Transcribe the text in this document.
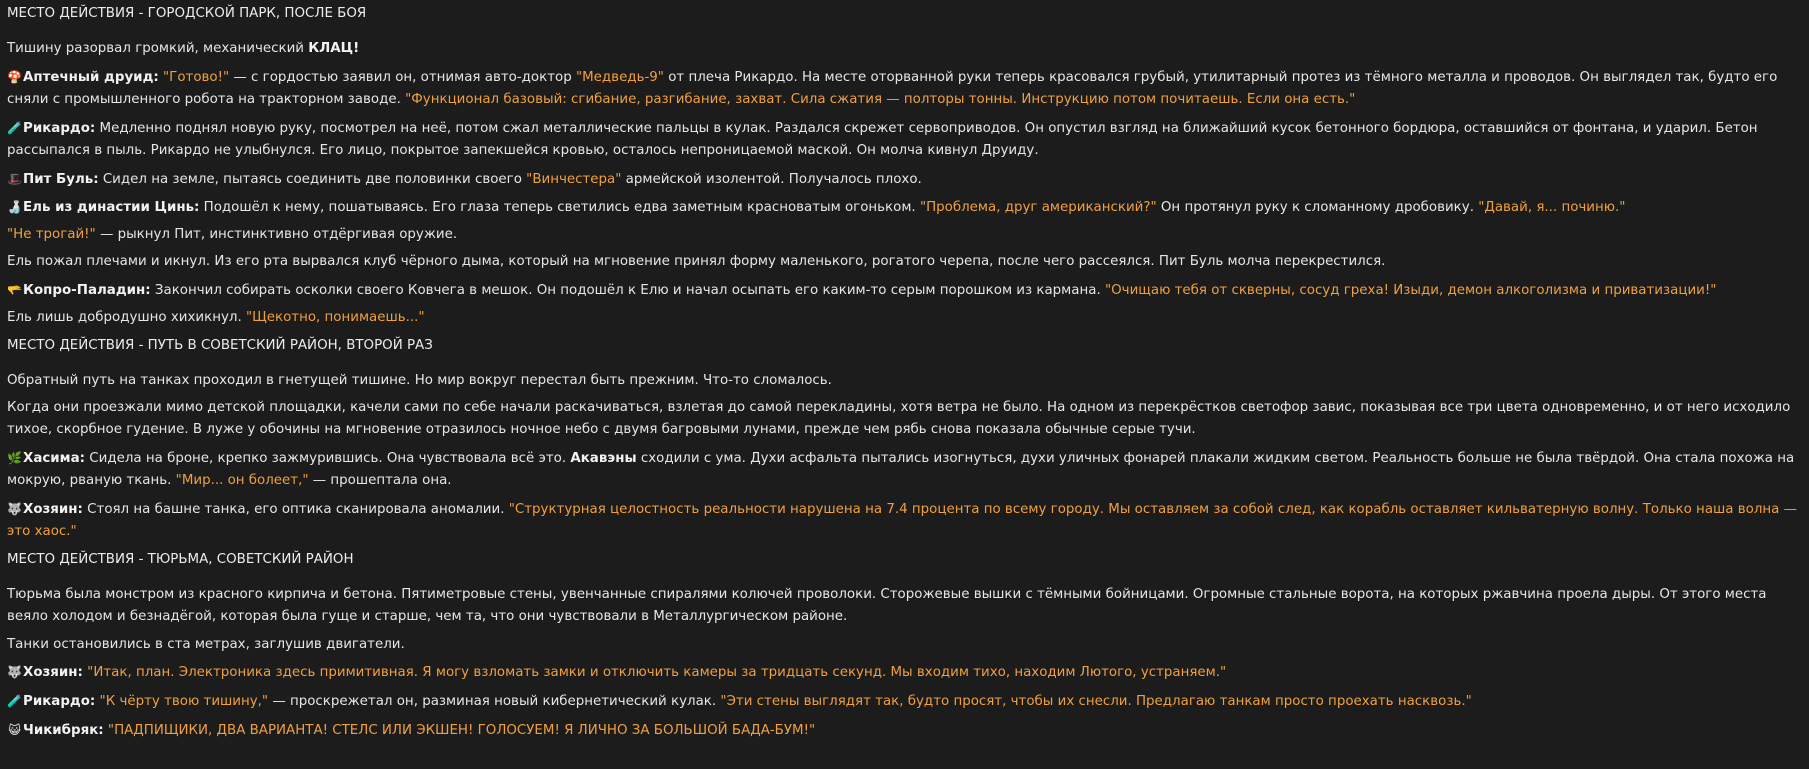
МЕСТО ДЕЙСТВИЯ - ГОРОДСКОЙ ПАРК, ПОСЛЕ БОЯ
Тишину разорвал громкий, механический КЛАЦ!
🍄Аптечный друид: "Готово!" — с гордостью заявил он, отнимая авто-доктор "Медведь-9" от плеча Рикардо. На месте оторванной руки теперь красовался грубый, утилитарный протез из тёмного металла и проводов. Он выглядел так, будто его сняли с промышленного робота на тракторном заводе. "Функционал базовый: сгибание, разгибание, захват. Сила сжатия — полторы тонны. Инструкцию потом почитаешь. Если она есть."
🧪Рикардо: Медленно поднял новую руку, посмотрел на неё, потом сжал металлические пальцы в кулак. Раздался скрежет сервоприводов. Он опустил взгляд на ближайший кусок бетонного бордюра, оставшийся от фонтана, и ударил. Бетон рассыпался в пыль. Рикардо не улыбнулся. Его лицо, покрытое запекшейся кровью, осталось непроницаемой маской. Он молча кивнул Друиду.
🎩Пит Буль: Сидел на земле, пытаясь соединить две половинки своего "Винчестера" армейской изолентой. Получалось плохо.
🍶Ель из династии Цинь: Подошёл к нему, пошатываясь. Его глаза теперь светились едва заметным красноватым огоньком. "Проблема, друг американский?" Он протянул руку к сломанному дробовику. "Давай, я... починю."
"Не трогай!" — рыкнул Пит, инстинктивно отдёргивая оружие.
Ель пожал плечами и икнул. Из его рта вырвался клуб чёрного дыма, который на мгновение принял форму маленького, рогатого черепа, после чего рассеялся. Пит Буль молча перекрестился.
🫳Копро-Паладин: Закончил собирать осколки своего Ковчега в мешок. Он подошёл к Елю и начал осыпать его каким-то серым порошком из кармана. "Очищаю тебя от скверны, сосуд греха! Изыди, демон алкоголизма и приватизации!"
Ель лишь добродушно хихикнул. "Щекотно, понимаешь..."
МЕСТО ДЕЙСТВИЯ - ПУТЬ В СОВЕТСКИЙ РАЙОН, ВТОРОЙ РАЗ
Обратный путь на танках проходил в гнетущей тишине. Но мир вокруг перестал быть прежним. Что-то сломалось.
Когда они проезжали мимо детской площадки, качели сами по себе начали раскачиваться, взлетая до самой перекладины, хотя ветра не было. На одном из перекрёстков светофор завис, показывая все три цвета одновременно, и от него исходило тихое, скорбное гудение. В луже у обочины на мгновение отразилось ночное небо с двумя багровыми лунами, прежде чем рябь снова показала обычные серые тучи.
🌿Хасима: Сидела на броне, крепко зажмурившись. Она чувствовала всё это. Акавэны сходили с ума. Духи асфальта пытались изогнуться, духи уличных фонарей плакали жидким светом. Реальность больше не была твёрдой. Она стала похожа на мокрую, рваную ткань. "Мир... он болеет," — прошептала она.
🐺Хозяин: Стоял на башне танка, его оптика сканировала аномалии. "Структурная целостность реальности нарушена на 7.4 процента по всему городу. Мы оставляем за собой след, как корабль оставляет кильватерную волну. Только наша волна — это хаос."
МЕСТО ДЕЙСТВИЯ - ТЮРЬМА, СОВЕТСКИЙ РАЙОН
Тюрьма была монстром из красного кирпича и бетона. Пятиметровые стены, увенчанные спиралями колючей проволоки. Сторожевые вышки с тёмными бойницами. Огромные стальные ворота, на которых ржавчина проела дыры. От этого места веяло холодом и безнадёгой, которая была гуще и старше, чем та, что они чувствовали в Металлургическом районе.
Танки остановились в ста метрах, заглушив двигатели.
🐺Хозяин: "Итак, план. Электроника здесь примитивная. Я могу взломать замки и отключить камеры за тридцать секунд. Мы входим тихо, находим Лютого, устраняем."
🧪Рикардо: "К чёрту твою тишину," — проскрежетал он, разминая новый кибернетический кулак. "Эти стены выглядят так, будто просят, чтобы их снесли. Предлагаю танкам просто проехать насквозь."
😺 Чикибряк: "ПАДПИЩИКИ, ДВА ВАРИАНТА! СТЕЛС ИЛИ ЭКШЕН! ГОЛОСУЕМ! Я ЛИЧНО ЗА БОЛЬШОЙ БАДА-БУМ!"
